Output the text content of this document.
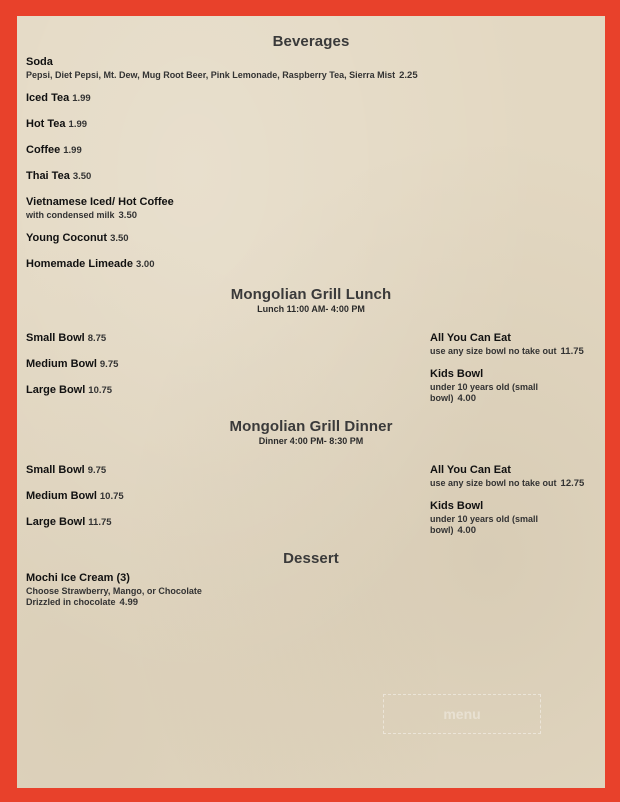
Beverages
Soda
Pepsi, Diet Pepsi, Mt. Dew, Mug Root Beer, Pink Lemonade, Raspberry Tea, Sierra Mist 2.25
Iced Tea 1.99
Hot Tea 1.99
Coffee 1.99
Thai Tea 3.50
Vietnamese Iced/ Hot Coffee
with condensed milk 3.50
Young Coconut 3.50
Homemade Limeade 3.00
Mongolian Grill Lunch
Lunch 11:00 AM- 4:00 PM
Small Bowl 8.75
Medium Bowl 9.75
Large Bowl 10.75
All You Can Eat
use any size bowl no take out 11.75
Kids Bowl
under 10 years old (small
bowl) 4.00
Mongolian Grill Dinner
Dinner 4:00 PM- 8:30 PM
Small Bowl 9.75
Medium Bowl 10.75
Large Bowl 11.75
All You Can Eat
use any size bowl no take out 12.75
Kids Bowl
under 10 years old (small
bowl) 4.00
Dessert
Mochi Ice Cream (3)
Choose Strawberry, Mango, or Chocolate
Drizzled in chocolate 4.99
menu
